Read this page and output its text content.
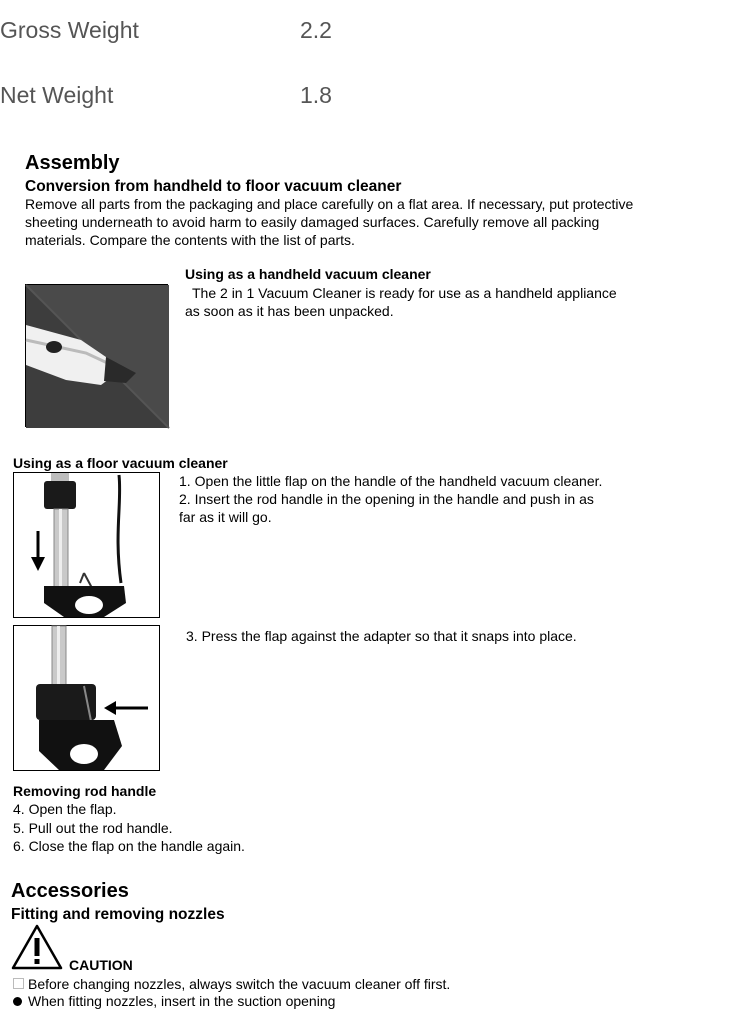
Gross Weight	2.2
Net Weight	1.8
Assembly
Conversion from handheld to floor vacuum cleaner
Remove all parts from the packaging and place carefully on a flat area. If necessary, put protective
sheeting underneath to avoid harm to easily damaged surfaces. Carefully remove all packing
materials. Compare the contents with the list of parts.
Using as a handheld vacuum cleaner
The 2 in 1 Vacuum Cleaner is ready for use as a handheld appliance
as soon as it has been unpacked.
Using as a floor vacuum cleaner
1. Open the little flap on the handle of the handheld vacuum cleaner.
2. Insert the rod handle in the opening in the handle and push in as
far as it will go.
3. Press the flap against the adapter so that it snaps into place.
Removing rod handle
4. Open the flap.
5. Pull out the rod handle.
6. Close the flap on the handle again.
Accessories
Fitting and removing nozzles
CAUTION
Before changing nozzles, always switch the vacuum cleaner off first.
When fitting nozzles, insert in the suction opening
